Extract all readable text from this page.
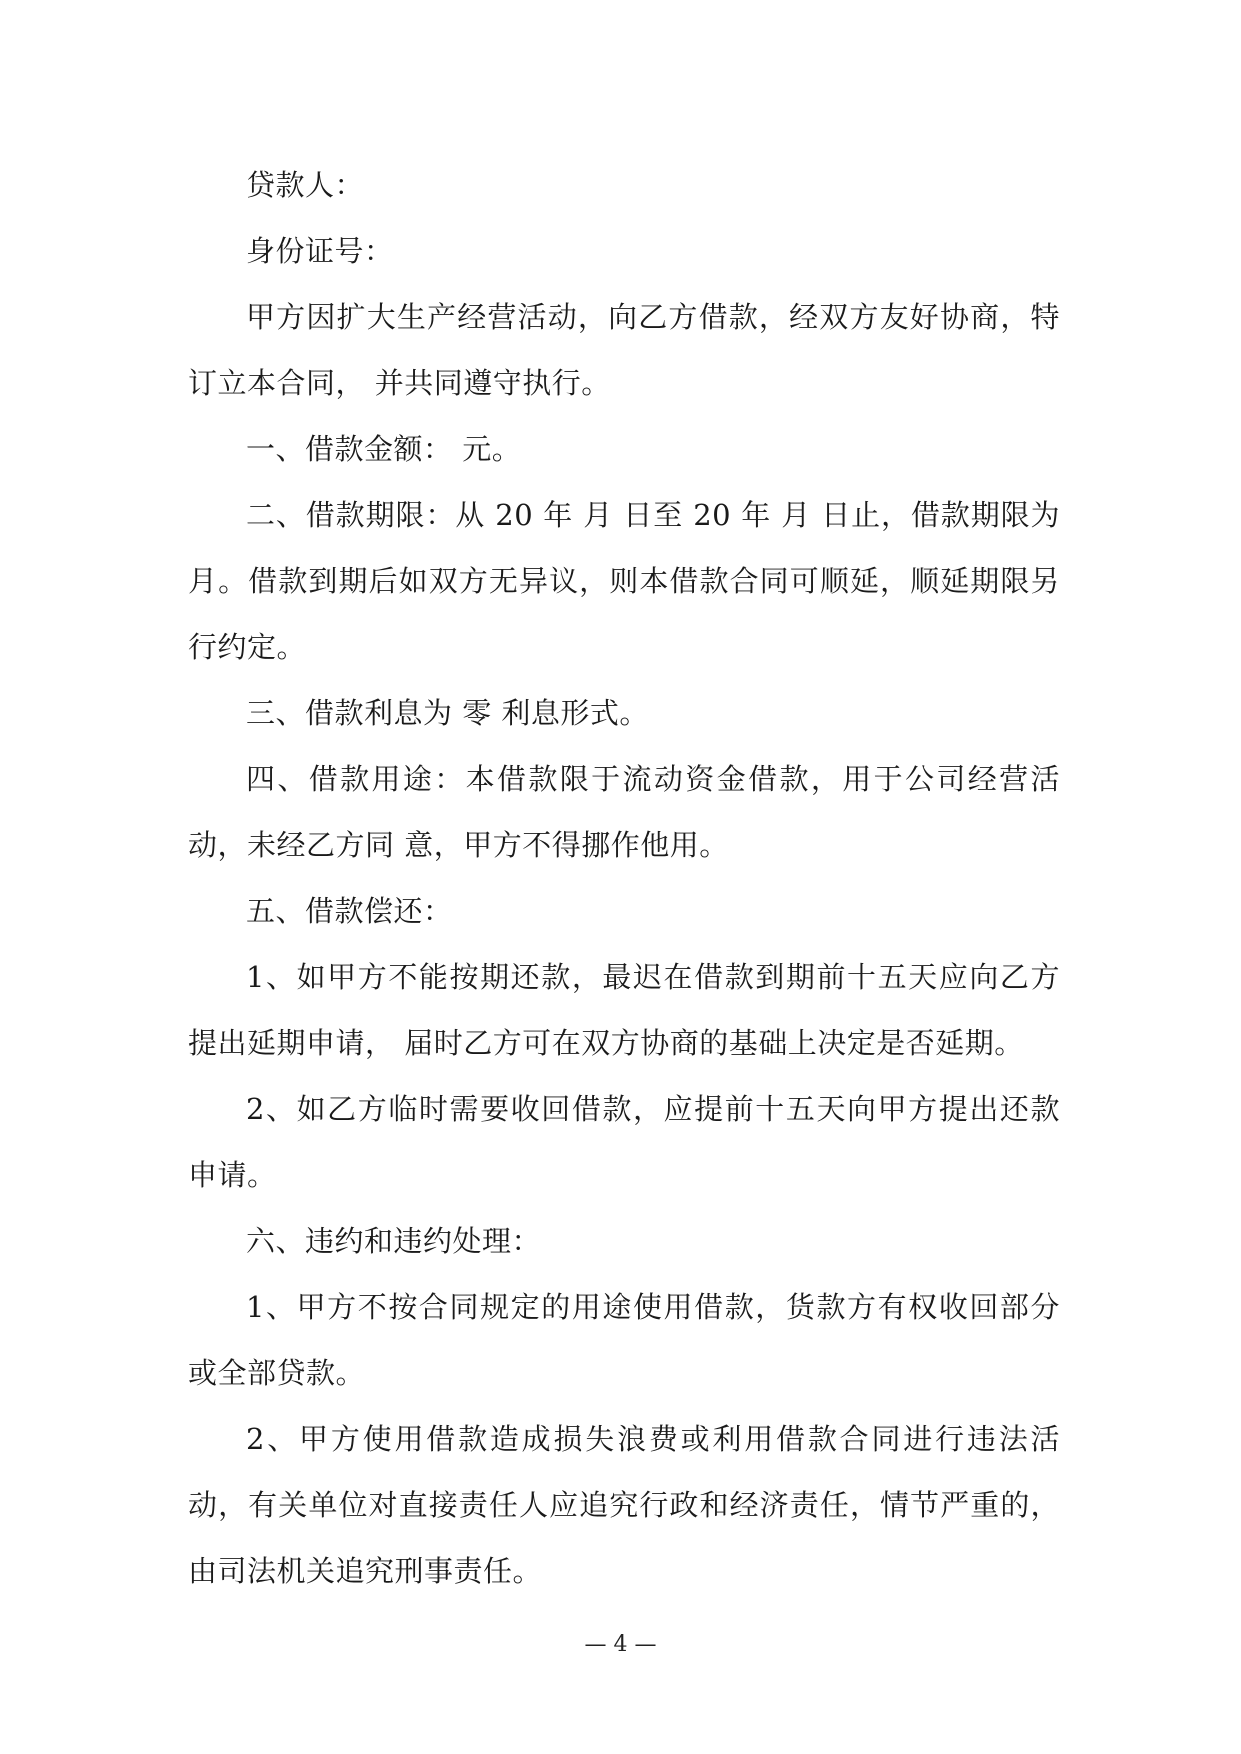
贷款人：

身份证号：

甲方因扩大生产经营活动，向乙方借款，经双方友好协商，特订立本合同， 并共同遵守执行。

一、借款金额： 元。

二、借款期限：从 20 年 月 日至 20 年 月 日止，借款期限为 月。借款到期后如双方无异议，则本借款合同可顺延，顺延期限另行约定。

三、借款利息为 零 利息形式。

四、借款用途：本借款限于流动资金借款，用于公司经营活动，未经乙方同 意，甲方不得挪作他用。

五、借款偿还：

1、如甲方不能按期还款，最迟在借款到期前十五天应向乙方提出延期申请， 届时乙方可在双方协商的基础上决定是否延期。

2、如乙方临时需要收回借款，应提前十五天向甲方提出还款申请。

六、违约和违约处理：

1、甲方不按合同规定的用途使用借款，货款方有权收回部分或全部贷款。

2、甲方使用借款造成损失浪费或利用借款合同进行违法活动，有关单位对直接责任人应追究行政和经济责任，情节严重的，由司法机关追究刑事责任。

— 4 —
